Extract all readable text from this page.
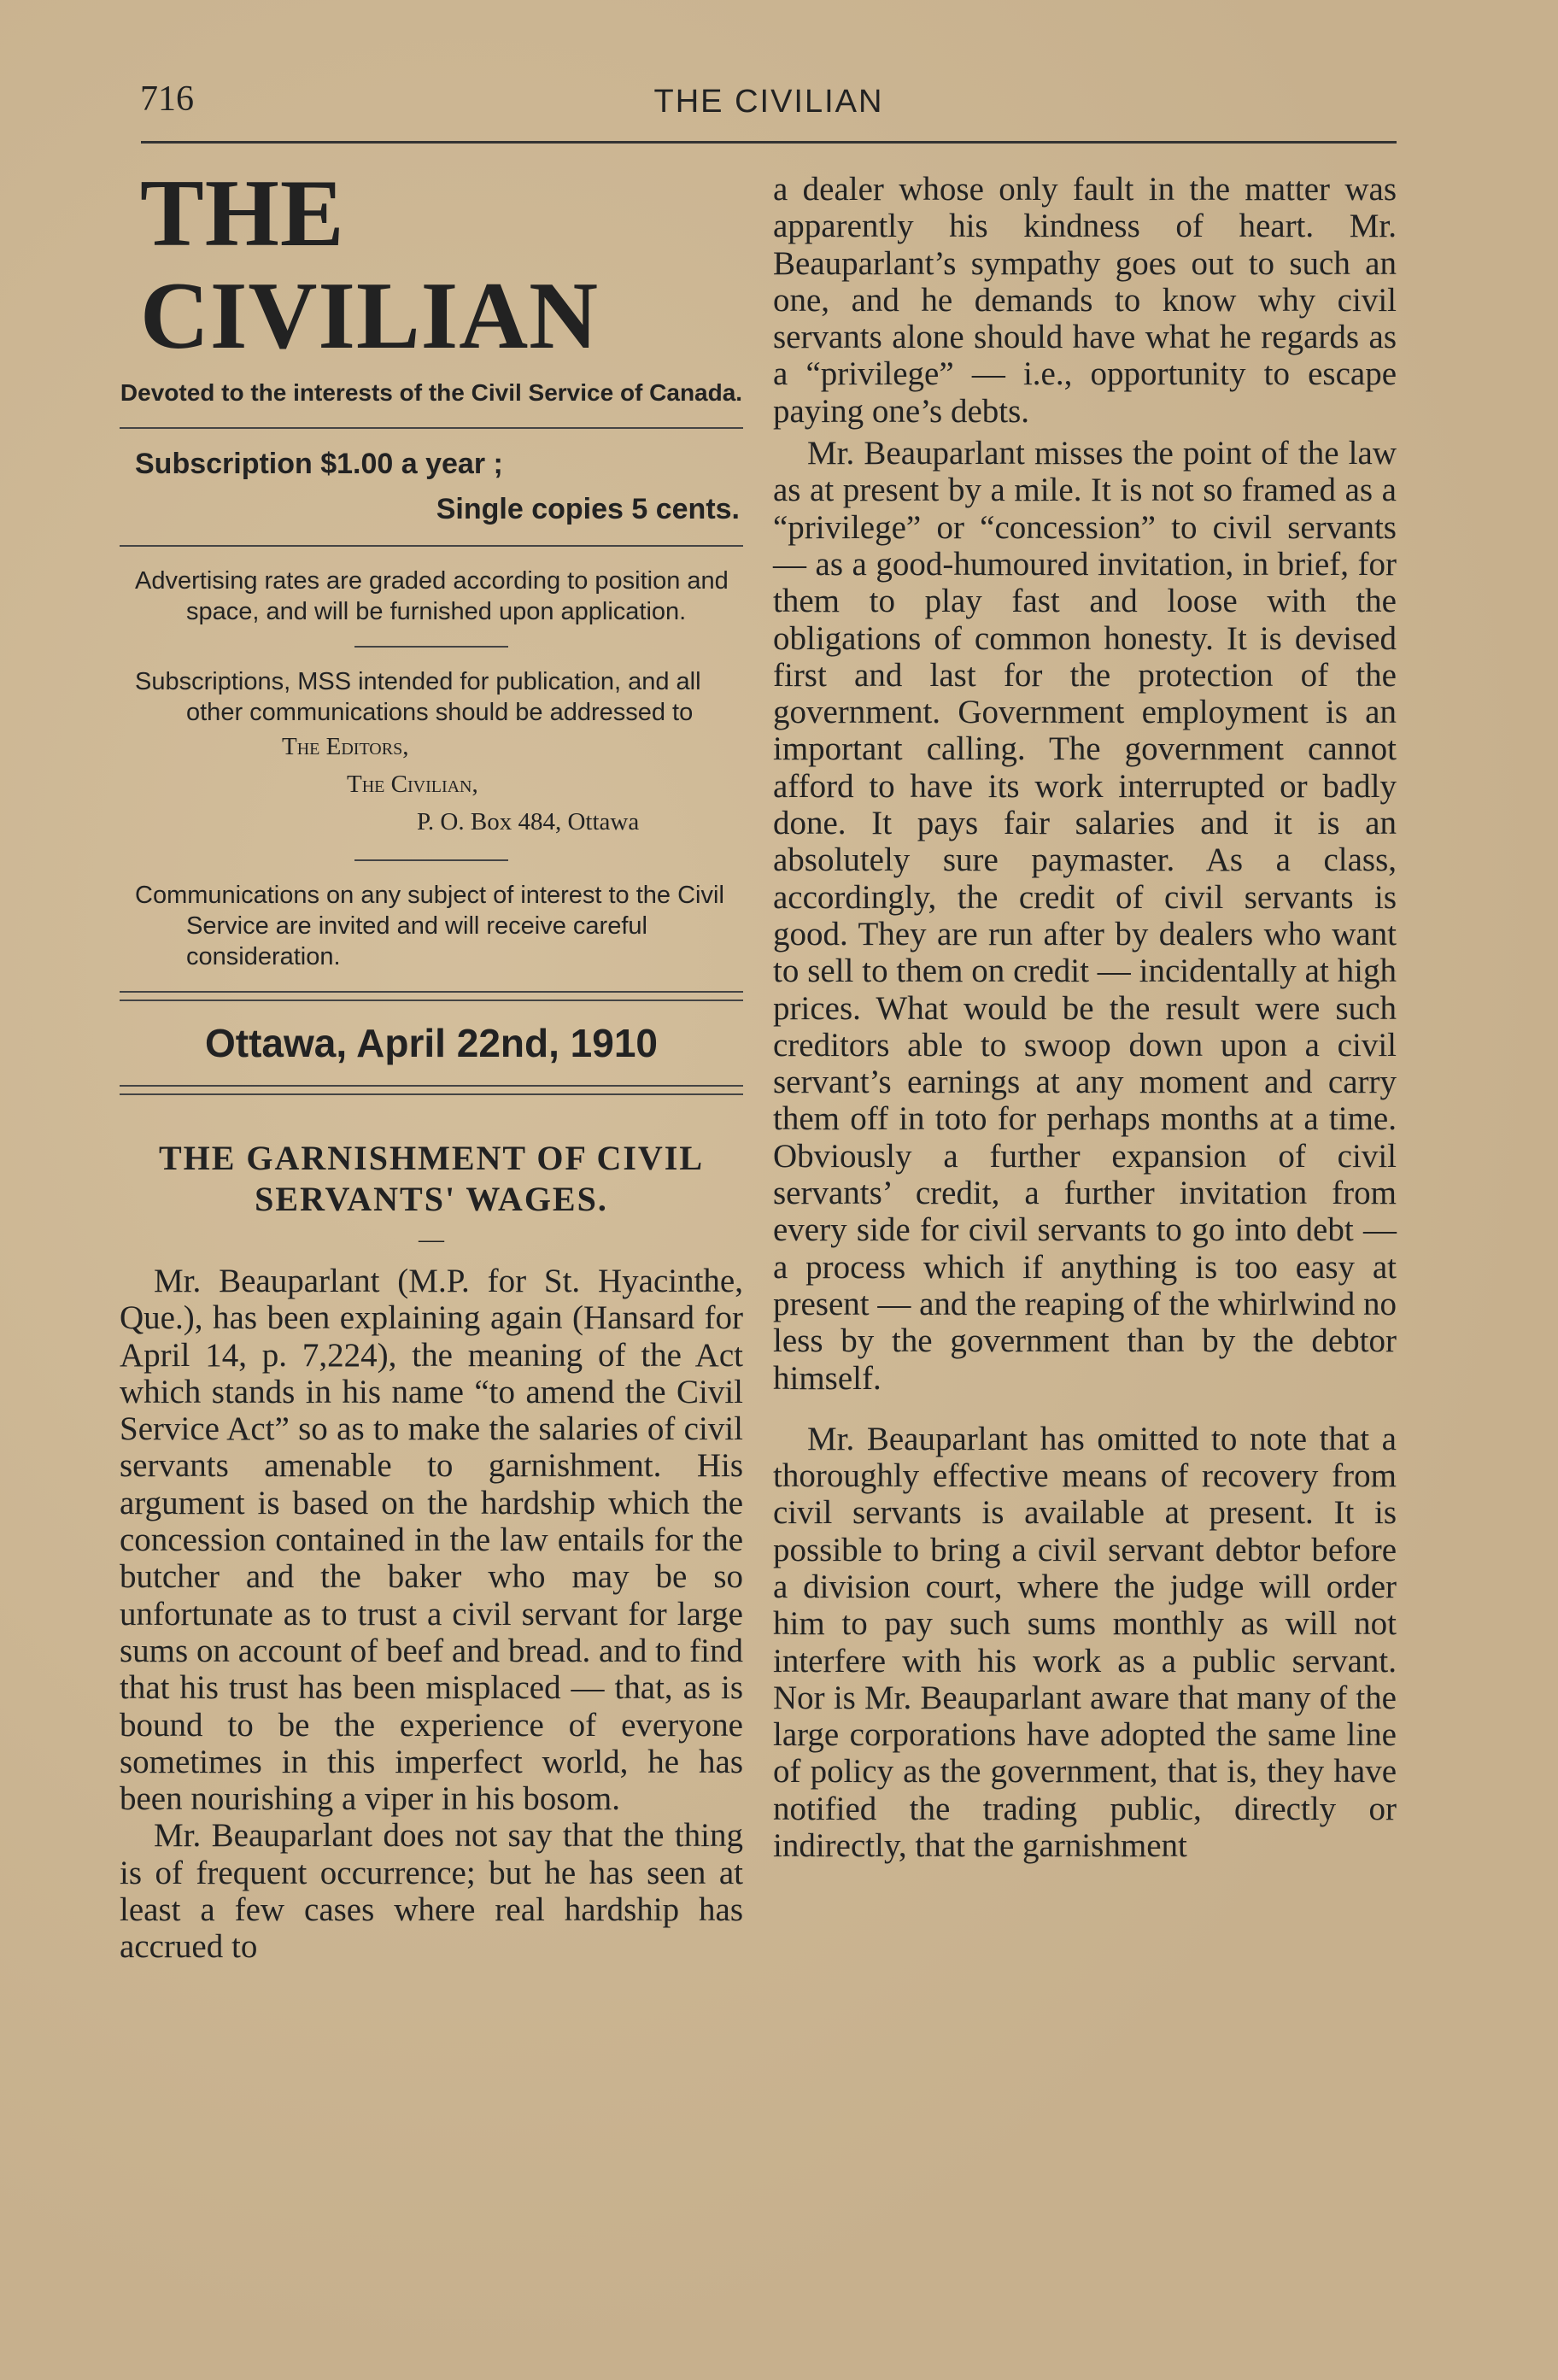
716	THE CIVILIAN
THE CIVILIAN

Devoted to the interests of the Civil Service of Canada.

Subscription $1.00 a year ;
Single copies 5 cents.

Advertising rates are graded according to position and space, and will be furnished upon application.

Subscriptions, MSS intended for publication, and all other communications should be addressed to

The Editors,
The Civilian,
P. O. Box 484, Ottawa

Communications on any subject of interest to the Civil Service are invited and will receive careful consideration.

Ottawa, April 22nd, 1910
THE GARNISHMENT OF CIVIL SERVANTS' WAGES.
—

Mr. Beauparlant (M.P. for St. Hyacinthe, Que.), has been explaining again (Hansard for April 14, p. 7,224), the meaning of the Act which stands in his name “to amend the Civil Service Act” so as to make the salaries of civil servants amenable to garnishment. His argument is based on the hardship which the concession contained in the law entails for the butcher and the baker who may be so unfortunate as to trust a civil servant for large sums on account of beef and bread. and to find that his trust has been misplaced — that, as is bound to be the experience of everyone sometimes in this imperfect world, he has been nourishing a viper in his bosom.

Mr. Beauparlant does not say that the thing is of frequent occurrence; but he has seen at least a few cases where real hardship has accrued to

a dealer whose only fault in the matter was apparently his kindness of heart. Mr. Beauparlant’s sympathy goes out to such an one, and he demands to know why civil servants alone should have what he regards as a “privilege” — i.e., opportunity to escape paying one’s debts.

Mr. Beauparlant misses the point of the law as at present by a mile. It is not so framed as a “privilege” or “concession” to civil servants — as a good-humoured invitation, in brief, for them to play fast and loose with the obligations of common honesty. It is devised first and last for the protection of the government. Government employment is an important calling. The government cannot afford to have its work interrupted or badly done. It pays fair salaries and it is an absolutely sure paymaster. As a class, accordingly, the credit of civil servants is good. They are run after by dealers who want to sell to them on credit — incidentally at high prices. What would be the result were such creditors able to swoop down upon a civil servant’s earnings at any moment and carry them off in toto for perhaps months at a time. Obviously a further expansion of civil servants’ credit, a further invitation from every side for civil servants to go into debt — a process which if anything is too easy at present — and the reaping of the whirlwind no less by the government than by the debtor himself.

Mr. Beauparlant has omitted to note that a thoroughly effective means of recovery from civil servants is available at present. It is possible to bring a civil servant debtor before a division court, where the judge will order him to pay such sums monthly as will not interfere with his work as a public servant. Nor is Mr. Beauparlant aware that many of the large corporations have adopted the same line of policy as the government, that is, they have notified the trading public, directly or indirectly, that the garnishment
